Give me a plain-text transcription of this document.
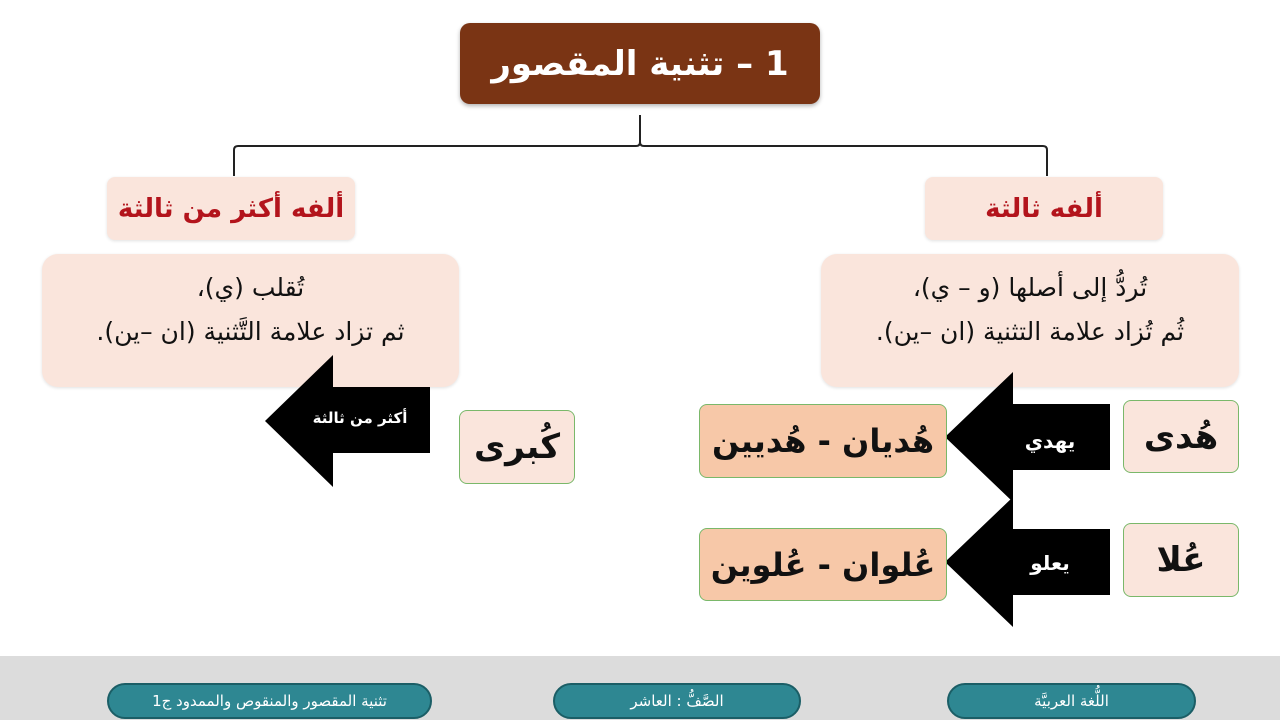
1 – تثنية المقصور
ألفه ثالثة
تُردُّ إلى أصلها (و – ي)،
ثُم تُزاد علامة التثنية (ان –ين).
هُدى
يهدي
هُديان - هُديين
عُلا
يعلو
عُلوان - عُلوين
ألفه أكثر من ثالثة
تُقلب (ي)،
ثم تزاد علامة التَّثنية (ان –ين).
أكثر من ثالثة
كُبرى
تثنية المقصور والمنقوص والممدود ج1	الصَّفُّ : العاشر	اللُّغة العربيَّة
